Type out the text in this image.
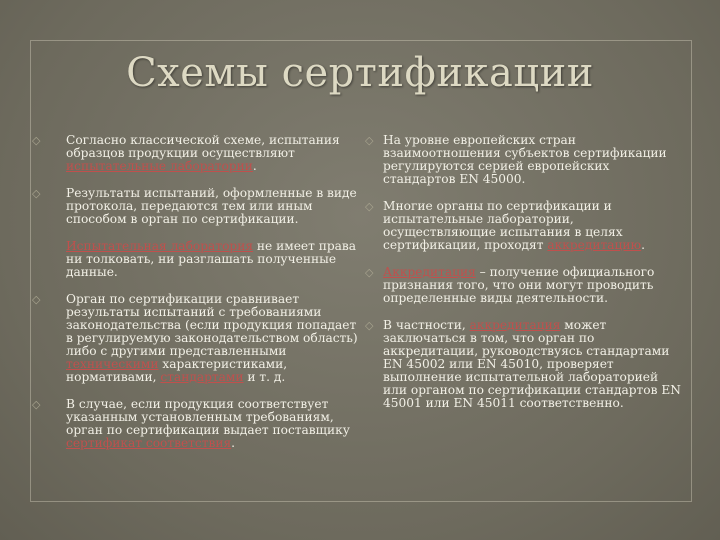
Схемы сертификации
◇ Согласно классической схеме, испытания образцов продукции осуществляют испытательные лаборатории.
◇ Результаты испытаний, оформленные в виде протокола, передаются тем или иным способом в орган по сертификации.
Испытательная лаборатория не имеет права ни толковать, ни разглашать полученные данные.
◇ Орган по сертификации сравнивает результаты испытаний с требованиями законодательства (если продукция попадает в регулируемую законодательством область) либо с другими представленными техническими характеристиками, нормативами, стандартами и т. д.
◇ В случае, если продукция соответствует указанным установленным требованиям, орган по сертификации выдает поставщику сертификат соответствия.
◇ На уровне европейских стран взаимоотношения субъектов сертификации регулируются серией европейских стандартов EN 45000.
◇ Многие органы по сертификации и испытательные лаборатории, осуществляющие испытания в целях сертификации, проходят аккредитацию.
◇ Аккредитация – получение официального признания того, что они могут проводить определенные виды деятельности.
◇ В частности, аккредитация может заключаться в том, что орган по аккредитации, руководствуясь стандартами EN 45002 или EN 45010, проверяет выполнение испытательной лабораторией или органом по сертификации стандартов EN 45001 или EN 45011 соответственно.
